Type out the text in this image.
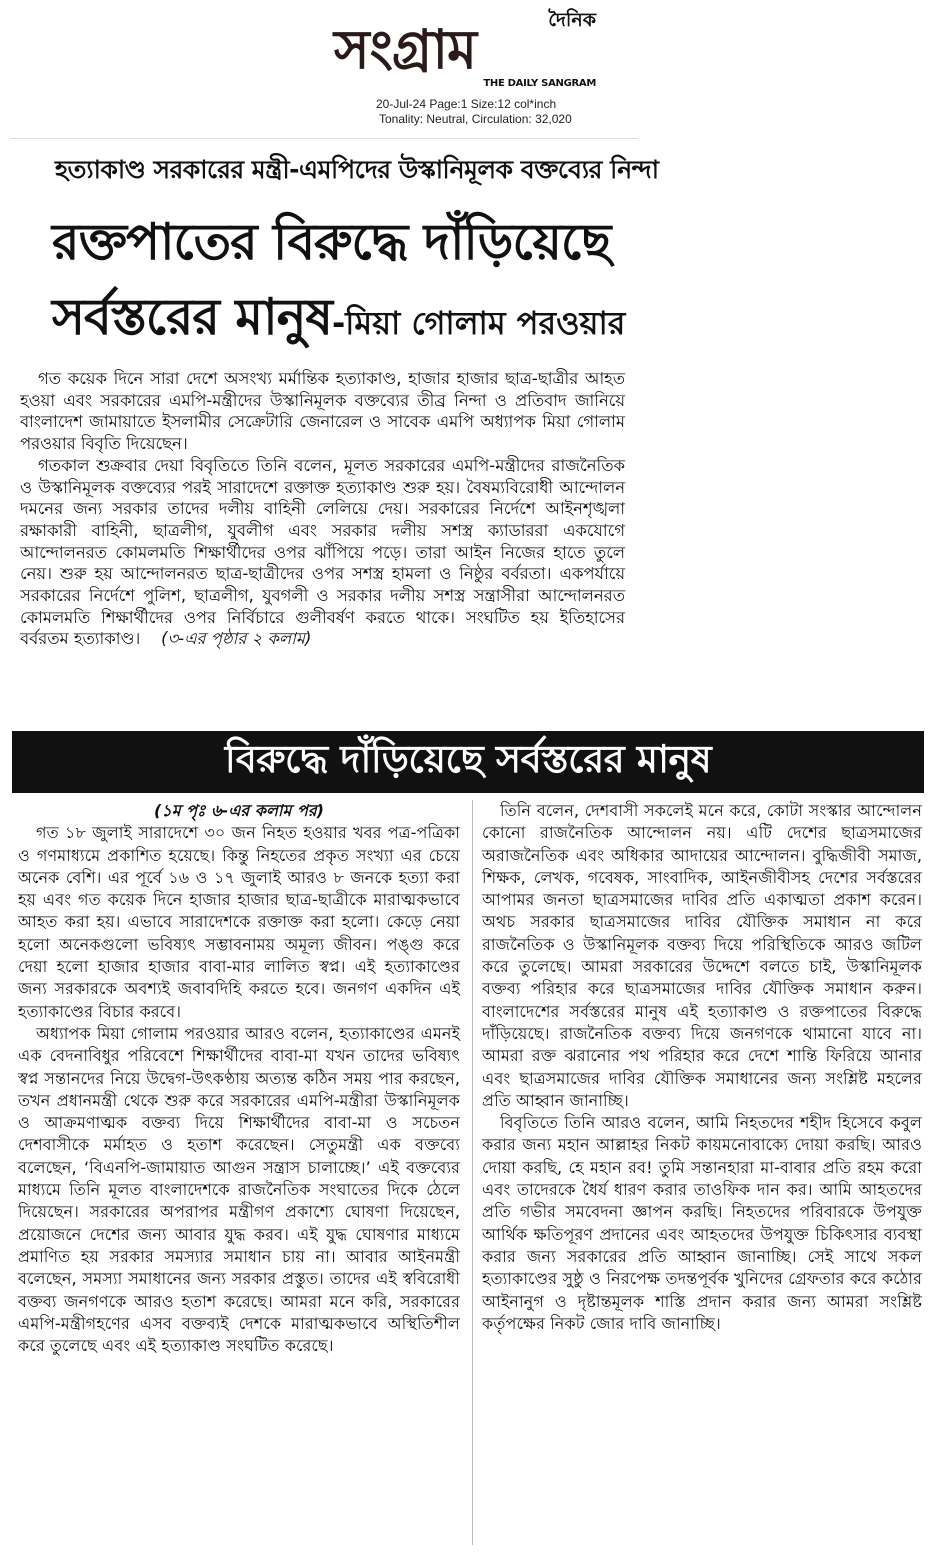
দৈনিক
সংগ্রাম
THE DAILY SANGRAM
20-Jul-24 Page:1 Size:12 col*inch
Tonality: Neutral, Circulation: 32,020
হত্যাকাণ্ড সরকারের মন্ত্রী-এমপিদের উস্কানিমূলক বক্তব্যের নিন্দা
রক্তপাতের বিরুদ্ধে দাঁড়িয়েছে
সর্বস্তরের মানুষ-মিয়া গোলাম পরওয়ার

গত কয়েক দিনে সারা দেশে অসংখ্য মর্মান্তিক হত্যাকাণ্ড, হাজার হাজার ছাত্র-ছাত্রীর আহত হওয়া এবং সরকারের এমপি-মন্ত্রীদের উস্কানিমূলক বক্তব্যের তীব্র নিন্দা ও প্রতিবাদ জানিয়ে বাংলাদেশ জামায়াতে ইসলামীর সেক্রেটারি জেনারেল ও সাবেক এমপি অধ্যাপক মিয়া গোলাম পরওয়ার বিবৃতি দিয়েছেন।

গতকাল শুক্রবার দেয়া বিবৃতিতে তিনি বলেন, মূলত সরকারের এমপি-মন্ত্রীদের রাজনৈতিক ও উস্কানিমূলক বক্তব্যের পরই সারাদেশে রক্তাক্ত হত্যাকাণ্ড শুরু হয়। বৈষম্যবিরোধী আন্দোলন দমনের জন্য সরকার তাদের দলীয় বাহিনী লেলিয়ে দেয়। সরকারের নির্দেশে আইনশৃঙ্খলা রক্ষাকারী বাহিনী, ছাত্রলীগ, যুবলীগ এবং সরকার দলীয় সশস্ত্র ক্যাডাররা একযোগে আন্দোলনরত কোমলমতি শিক্ষার্থীদের ওপর ঝাঁপিয়ে পড়ে। তারা আইন নিজের হাতে তুলে নেয়। শুরু হয় আন্দোলনরত ছাত্র-ছাত্রীদের ওপর সশস্ত্র হামলা ও নিষ্ঠুর বর্বরতা। একপর্যায়ে সরকারের নির্দেশে পুলিশ, ছাত্রলীগ, যুবগলী ও সরকার দলীয় সশস্ত্র সন্ত্রাসীরা আন্দোলনরত কোমলমতি শিক্ষার্থীদের ওপর নির্বিচারে গুলীবর্ষণ করতে থাকে। সংঘটিত হয় ইতিহাসের বর্বরতম হত্যাকাণ্ড। (৩-এর পৃষ্ঠার ২ কলাম)

বিরুদ্ধে দাঁড়িয়েছে সর্বস্তরের মানুষ

(১ম পৃঃ ৬-এর কলাম পর)

গত ১৮ জুলাই সারাদেশে ৩০ জন নিহত হওয়ার খবর পত্র-পত্রিকা ও গণমাধ্যমে প্রকাশিত হয়েছে। কিন্তু নিহতের প্রকৃত সংখ্যা এর চেয়ে অনেক বেশি। এর পূর্বে ১৬ ও ১৭ জুলাই আরও ৮ জনকে হত্যা করা হয় এবং গত কয়েক দিনে হাজার হাজার ছাত্র-ছাত্রীকে মারাত্মকভাবে আহত করা হয়। এভাবে সারাদেশকে রক্তাক্ত করা হলো। কেড়ে নেয়া হলো অনেকগুলো ভবিষ্যৎ সম্ভাবনাময় অমূল্য জীবন। পঙ্গু করে দেয়া হলো হাজার হাজার বাবা-মার লালিত স্বপ্ন। এই হত্যাকাণ্ডের জন্য সরকারকে অবশ্যই জবাবদিহি করতে হবে। জনগণ একদিন এই হত্যাকাণ্ডের বিচার করবে।

অধ্যাপক মিয়া গোলাম পরওয়ার আরও বলেন, হত্যাকাণ্ডের এমনই এক বেদনাবিধুর পরিবেশে শিক্ষার্থীদের বাবা-মা যখন তাদের ভবিষ্যৎ স্বপ্ন সন্তানদের নিয়ে উদ্বেগ-উৎকণ্ঠায় অত্যন্ত কঠিন সময় পার করছেন, তখন প্রধানমন্ত্রী থেকে শুরু করে সরকারের এমপি-মন্ত্রীরা উস্কানিমূলক ও আক্রমণাত্মক বক্তব্য দিয়ে শিক্ষার্থীদের বাবা-মা ও সচেতন দেশবাসীকে মর্মাহত ও হতাশ করেছেন। সেতুমন্ত্রী এক বক্তব্যে বলেছেন, ‘বিএনপি-জামায়াত আগুন সন্ত্রাস চালাচ্ছে।’ এই বক্তব্যের মাধ্যমে তিনি মূলত বাংলাদেশকে রাজনৈতিক সংঘাতের দিকে ঠেলে দিয়েছেন। সরকারের অপরাপর মন্ত্রীগণ প্রকাশ্যে ঘোষণা দিয়েছেন, প্রয়োজনে দেশের জন্য আবার যুদ্ধ করব। এই যুদ্ধ ঘোষণার মাধ্যমে প্রমাণিত হয় সরকার সমস্যার সমাধান চায় না। আবার আইনমন্ত্রী বলেছেন, সমস্যা সমাধানের জন্য সরকার প্রস্তুত। তাদের এই স্ববিরোধী বক্তব্য জনগণকে আরও হতাশ করেছে। আমরা মনে করি, সরকারের এমপি-মন্ত্রীগহণের এসব বক্তব্যই দেশকে মারাত্মকভাবে অস্থিতিশীল করে তুলেছে এবং এই হত্যাকাণ্ড সংঘটিত করেছে।

তিনি বলেন, দেশবাসী সকলেই মনে করে, কোটা সংস্কার আন্দোলন কোনো রাজনৈতিক আন্দোলন নয়। এটি দেশের ছাত্রসমাজের অরাজনৈতিক এবং অধিকার আদায়ের আন্দোলন। বুদ্ধিজীবী সমাজ, শিক্ষক, লেখক, গবেষক, সাংবাদিক, আইনজীবীসহ দেশের সর্বস্তরের আপামর জনতা ছাত্রসমাজের দাবির প্রতি একাত্মতা প্রকাশ করেন। অথচ সরকার ছাত্রসমাজের দাবির যৌক্তিক সমাধান না করে রাজনৈতিক ও উস্কানিমূলক বক্তব্য দিয়ে পরিস্থিতিকে আরও জটিল করে তুলেছে। আমরা সরকারের উদ্দেশে বলতে চাই, উস্কানিমূলক বক্তব্য পরিহার করে ছাত্রসমাজের দাবির যৌক্তিক সমাধান করুন। বাংলাদেশের সর্বস্তরের মানুষ এই হত্যাকাণ্ড ও রক্তপাতের বিরুদ্ধে দাঁড়িয়েছে। রাজনৈতিক বক্তব্য দিয়ে জনগণকে থামানো যাবে না। আমরা রক্ত ঝরানোর পথ পরিহার করে দেশে শান্তি ফিরিয়ে আনার এবং ছাত্রসমাজের দাবির যৌক্তিক সমাধানের জন্য সংশ্লিষ্ট মহলের প্রতি আহ্বান জানাচ্ছি।

বিবৃতিতে তিনি আরও বলেন, আমি নিহতদের শহীদ হিসেবে কবুল করার জন্য মহান আল্লাহর নিকট কায়মনোবাক্যে দোয়া করছি। আরও দোয়া করছি, হে মহান রব! তুমি সন্তানহারা মা-বাবার প্রতি রহম করো এবং তাদেরকে ধৈর্য ধারণ করার তাওফিক দান কর। আমি আহতদের প্রতি গভীর সমবেদনা জ্ঞাপন করছি। নিহতদের পরিবারকে উপযুক্ত আর্থিক ক্ষতিপূরণ প্রদানের এবং আহতদের উপযুক্ত চিকিৎসার ব্যবস্থা করার জন্য সরকারের প্রতি আহ্বান জানাচ্ছি। সেই সাথে সকল হত্যাকাণ্ডের সুষ্ঠু ও নিরপেক্ষ তদন্তপূর্বক খুনিদের গ্রেফতার করে কঠোর আইনানুগ ও দৃষ্টান্তমূলক শাস্তি প্রদান করার জন্য আমরা সংশ্লিষ্ট কর্তৃপক্ষের নিকট জোর দাবি জানাচ্ছি।
